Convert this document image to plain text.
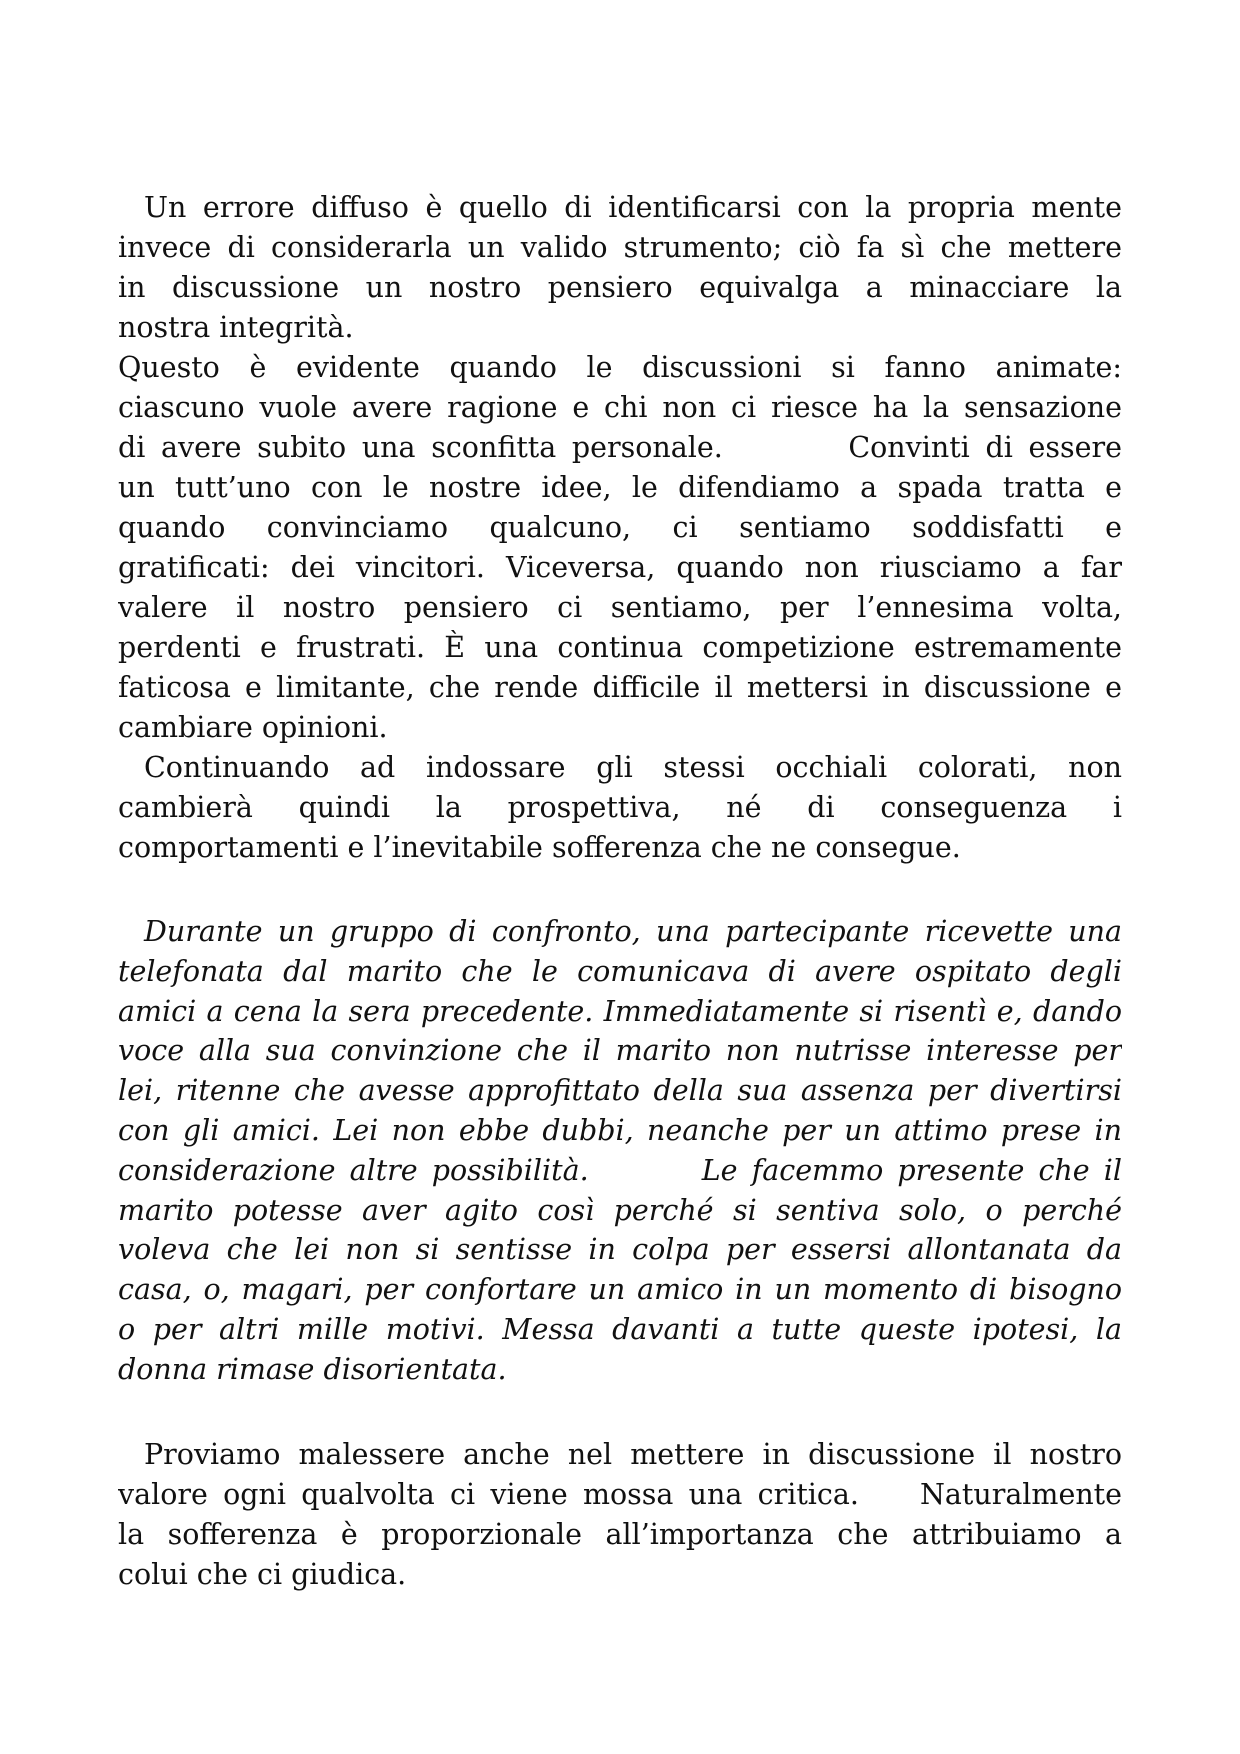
Un errore diffuso è quello di identificarsi con la propria mente
invece di considerarla un valido strumento; ciò fa sì che mettere
in discussione un nostro pensiero equivalga a minacciare la
nostra integrità.
Questo è evidente quando le discussioni si fanno animate:
ciascuno vuole avere ragione e chi non ci riesce ha la sensazione
di avere subito una sconfitta personale.        Convinti di essere
un tutt’uno con le nostre idee, le difendiamo a spada tratta e
quando convinciamo qualcuno, ci sentiamo soddisfatti e
gratificati: dei vincitori. Viceversa, quando non riusciamo a far
valere il nostro pensiero ci sentiamo, per l’ennesima volta,
perdenti e frustrati. È una continua competizione estremamente
faticosa e limitante, che rende difficile il mettersi in discussione e
cambiare opinioni.
Continuando ad indossare gli stessi occhiali colorati, non
cambierà quindi la prospettiva, né di conseguenza i
comportamenti e l’inevitabile sofferenza che ne consegue.
Durante un gruppo di confronto, una partecipante ricevette una
telefonata dal marito che le comunicava di avere ospitato degli
amici a cena la sera precedente. Immediatamente si risentì e, dando
voce alla sua convinzione che il marito non nutrisse interesse per
lei, ritenne che avesse approfittato della sua assenza per divertirsi
con gli amici. Lei non ebbe dubbi, neanche per un attimo prese in
considerazione altre possibilità.        Le facemmo presente che il
marito potesse aver agito così perché si sentiva solo, o perché
voleva che lei non si sentisse in colpa per essersi allontanata da
casa, o, magari, per confortare un amico in un momento di bisogno
o per altri mille motivi. Messa davanti a tutte queste ipotesi, la
donna rimase disorientata.
Proviamo malessere anche nel mettere in discussione il nostro
valore ogni qualvolta ci viene mossa una critica.    Naturalmente
la sofferenza è proporzionale all’importanza che attribuiamo a
colui che ci giudica.
